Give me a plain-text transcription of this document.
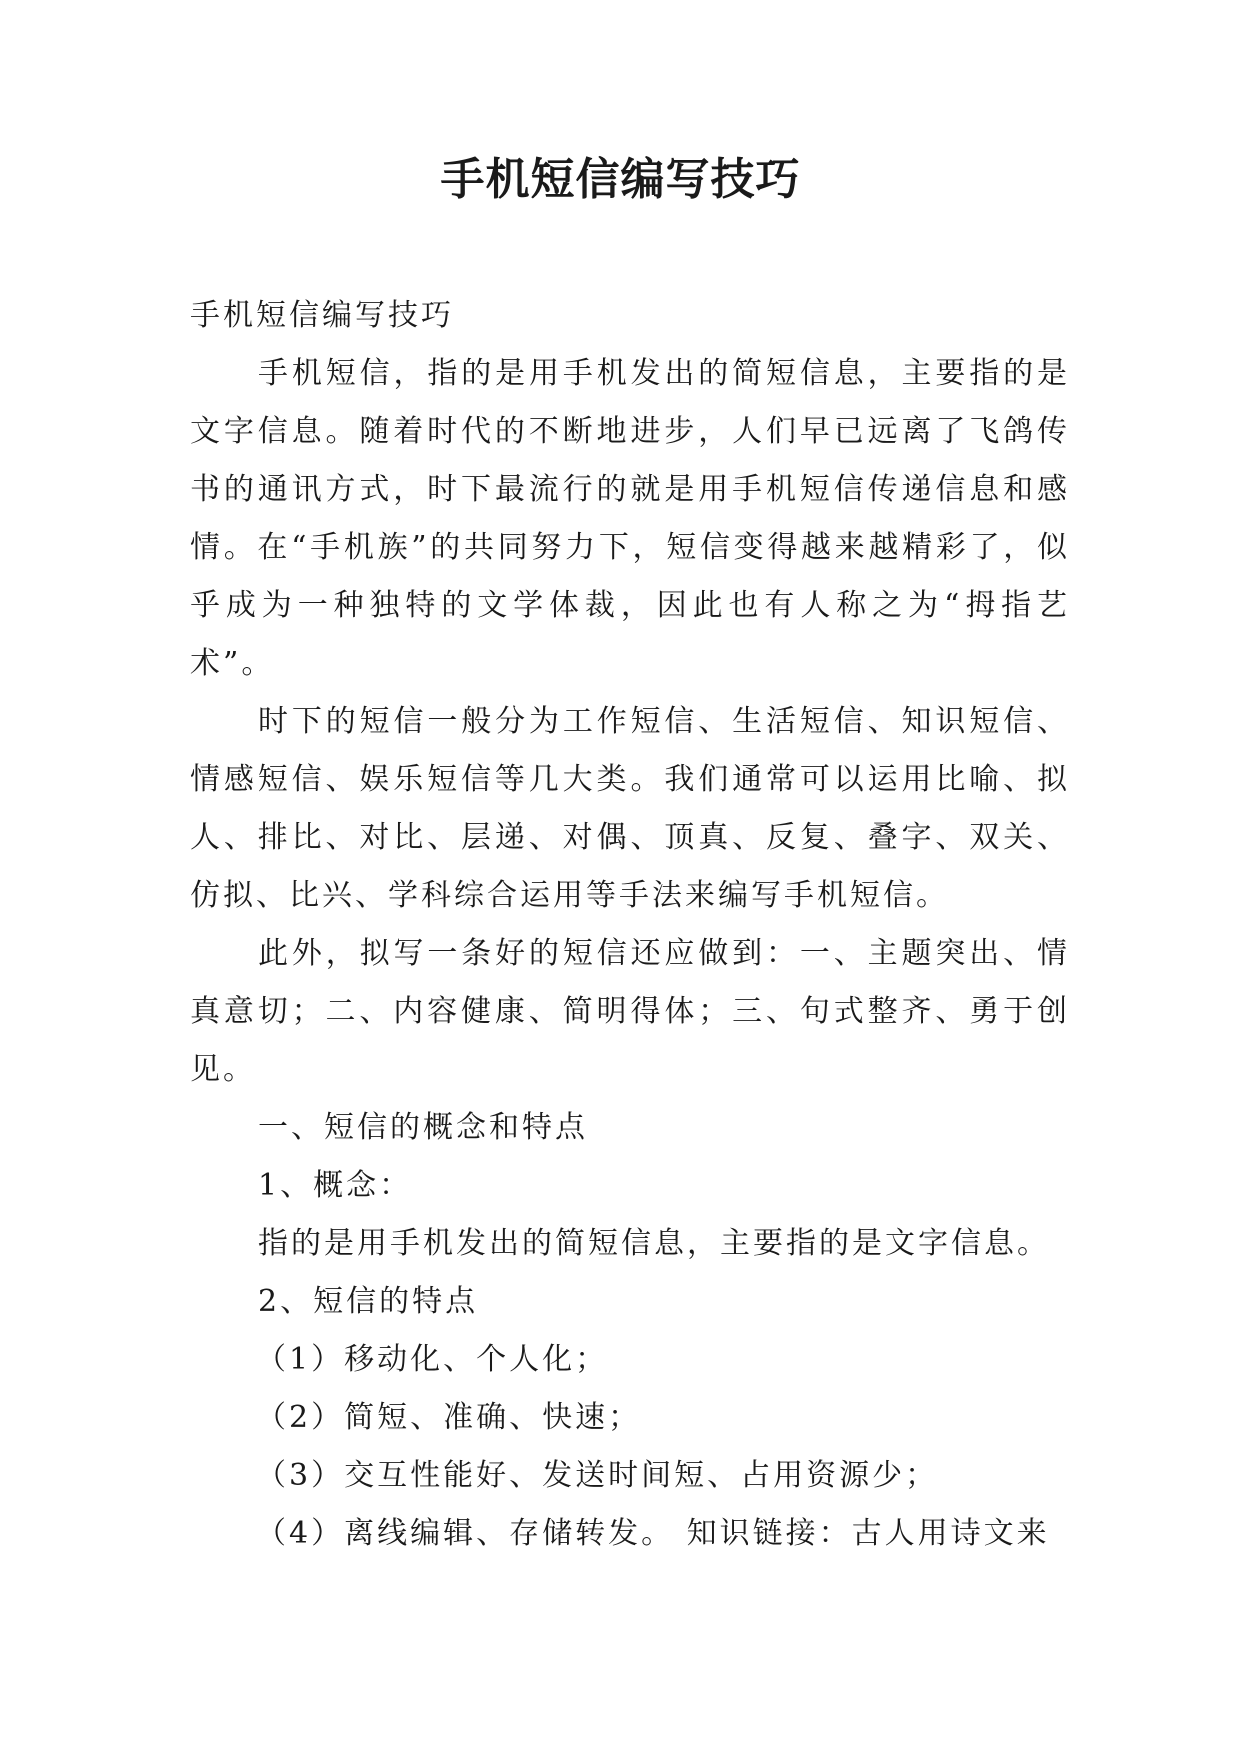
手机短信编写技巧

手机短信编写技巧

手机短信，指的是用手机发出的简短信息，主要指的是文字信息。随着时代的不断地进步，人们早已远离了飞鸽传书的通讯方式，时下最流行的就是用手机短信传递信息和感情。在“手机族”的共同努力下，短信变得越来越精彩了，似乎成为一种独特的文学体裁，因此也有人称之为“拇指艺术”。

时下的短信一般分为工作短信、生活短信、知识短信、情感短信、娱乐短信等几大类。我们通常可以运用比喻、拟人、排比、对比、层递、对偶、顶真、反复、叠字、双关、仿拟、比兴、学科综合运用等手法来编写手机短信。

此外，拟写一条好的短信还应做到：一、主题突出、情真意切；二、内容健康、简明得体；三、句式整齐、勇于创见。

一、短信的概念和特点

1、概念：

指的是用手机发出的简短信息，主要指的是文字信息。

2、短信的特点

（1）移动化、个人化；

（2）简短、准确、快速；

（3）交互性能好、发送时间短、占用资源少；

（4）离线编辑、存储转发。 知识链接：古人用诗文来
